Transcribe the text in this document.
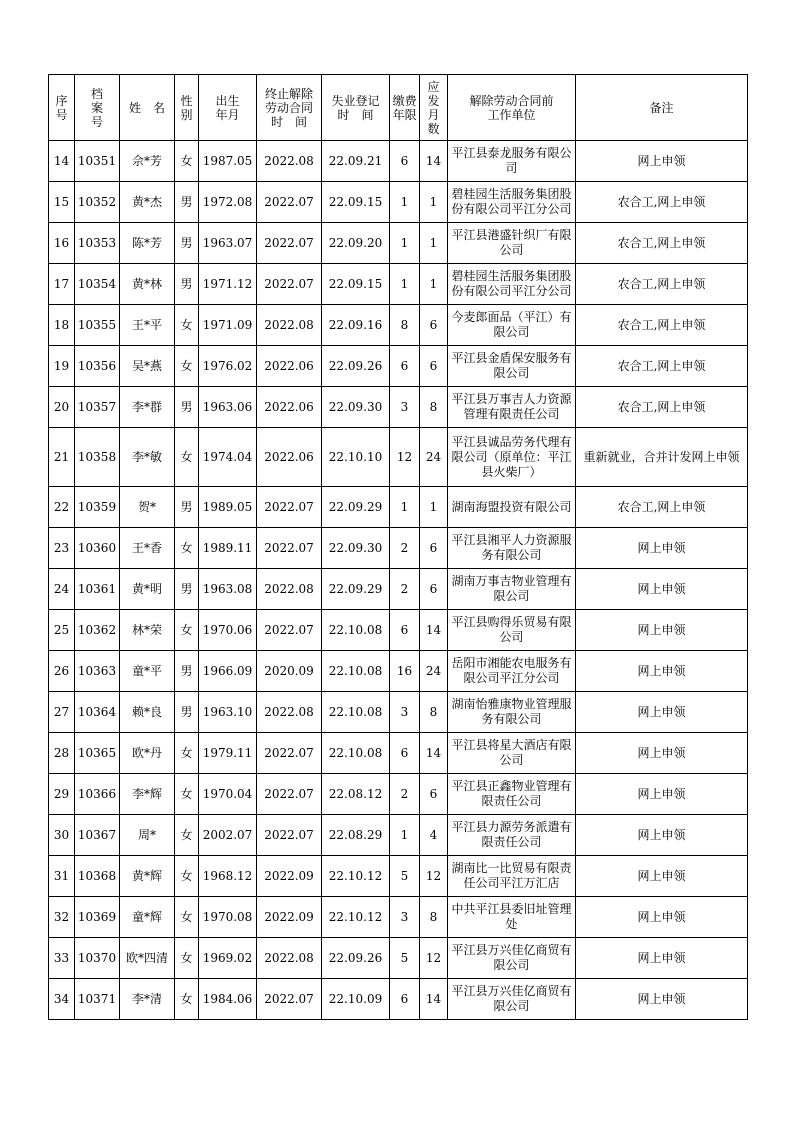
序号	档案号	姓　名	性别	出生年月	终止解除劳动合同时　间	失业登记时　间	缴费年限	应发月数	解除劳动合同前工作单位	备注
14	10351	佘*芳	女	1987.05	2022.08	22.09.21	6	14	平江县泰龙服务有限公司	网上申领
15	10352	黄*杰	男	1972.08	2022.07	22.09.15	1	1	碧桂园生活服务集团股份有限公司平江分公司	农合工,网上申领
16	10353	陈*芳	男	1963.07	2022.07	22.09.20	1	1	平江县港盛针织厂有限公司	农合工,网上申领
17	10354	黄*林	男	1971.12	2022.07	22.09.15	1	1	碧桂园生活服务集团股份有限公司平江分公司	农合工,网上申领
18	10355	王*平	女	1971.09	2022.08	22.09.16	8	6	今麦郎面品（平江）有限公司	农合工,网上申领
19	10356	吴*燕	女	1976.02	2022.06	22.09.26	6	6	平江县金盾保安服务有限公司	农合工,网上申领
20	10357	李*群	男	1963.06	2022.06	22.09.30	3	8	平江县万事吉人力资源管理有限责任公司	农合工,网上申领
21	10358	李*敏	女	1974.04	2022.06	22.10.10	12	24	平江县诚品劳务代理有限公司（原单位：平江县火柴厂）	重新就业，合并计发网上申领
22	10359	贺*	男	1989.05	2022.07	22.09.29	1	1	湖南海盟投资有限公司	农合工,网上申领
23	10360	王*香	女	1989.11	2022.07	22.09.30	2	6	平江县湘平人力资源服务有限公司	网上申领
24	10361	黄*明	男	1963.08	2022.08	22.09.29	2	6	湖南万事吉物业管理有限公司	网上申领
25	10362	林*荣	女	1970.06	2022.07	22.10.08	6	14	平江县购得乐贸易有限公司	网上申领
26	10363	童*平	男	1966.09	2020.09	22.10.08	16	24	岳阳市湘能农电服务有限公司平江分公司	网上申领
27	10364	赖*良	男	1963.10	2022.08	22.10.08	3	8	湖南怡雅康物业管理服务有限公司	网上申领
28	10365	欧*丹	女	1979.11	2022.07	22.10.08	6	14	平江县将星大酒店有限公司	网上申领
29	10366	李*辉	女	1970.04	2022.07	22.08.12	2	6	平江县正鑫物业管理有限责任公司	网上申领
30	10367	周*	女	2002.07	2022.07	22.08.29	1	4	平江县力源劳务派遣有限责任公司	网上申领
31	10368	黄*辉	女	1968.12	2022.09	22.10.12	5	12	湖南比一比贸易有限责任公司平江万汇店	网上申领
32	10369	童*辉	女	1970.08	2022.09	22.10.12	3	8	中共平江县委旧址管理处	网上申领
33	10370	欧*四清	女	1969.02	2022.08	22.09.26	5	12	平江县万兴佳亿商贸有限公司	网上申领
34	10371	李*清	女	1984.06	2022.07	22.10.09	6	14	平江县万兴佳亿商贸有限公司	网上申领
